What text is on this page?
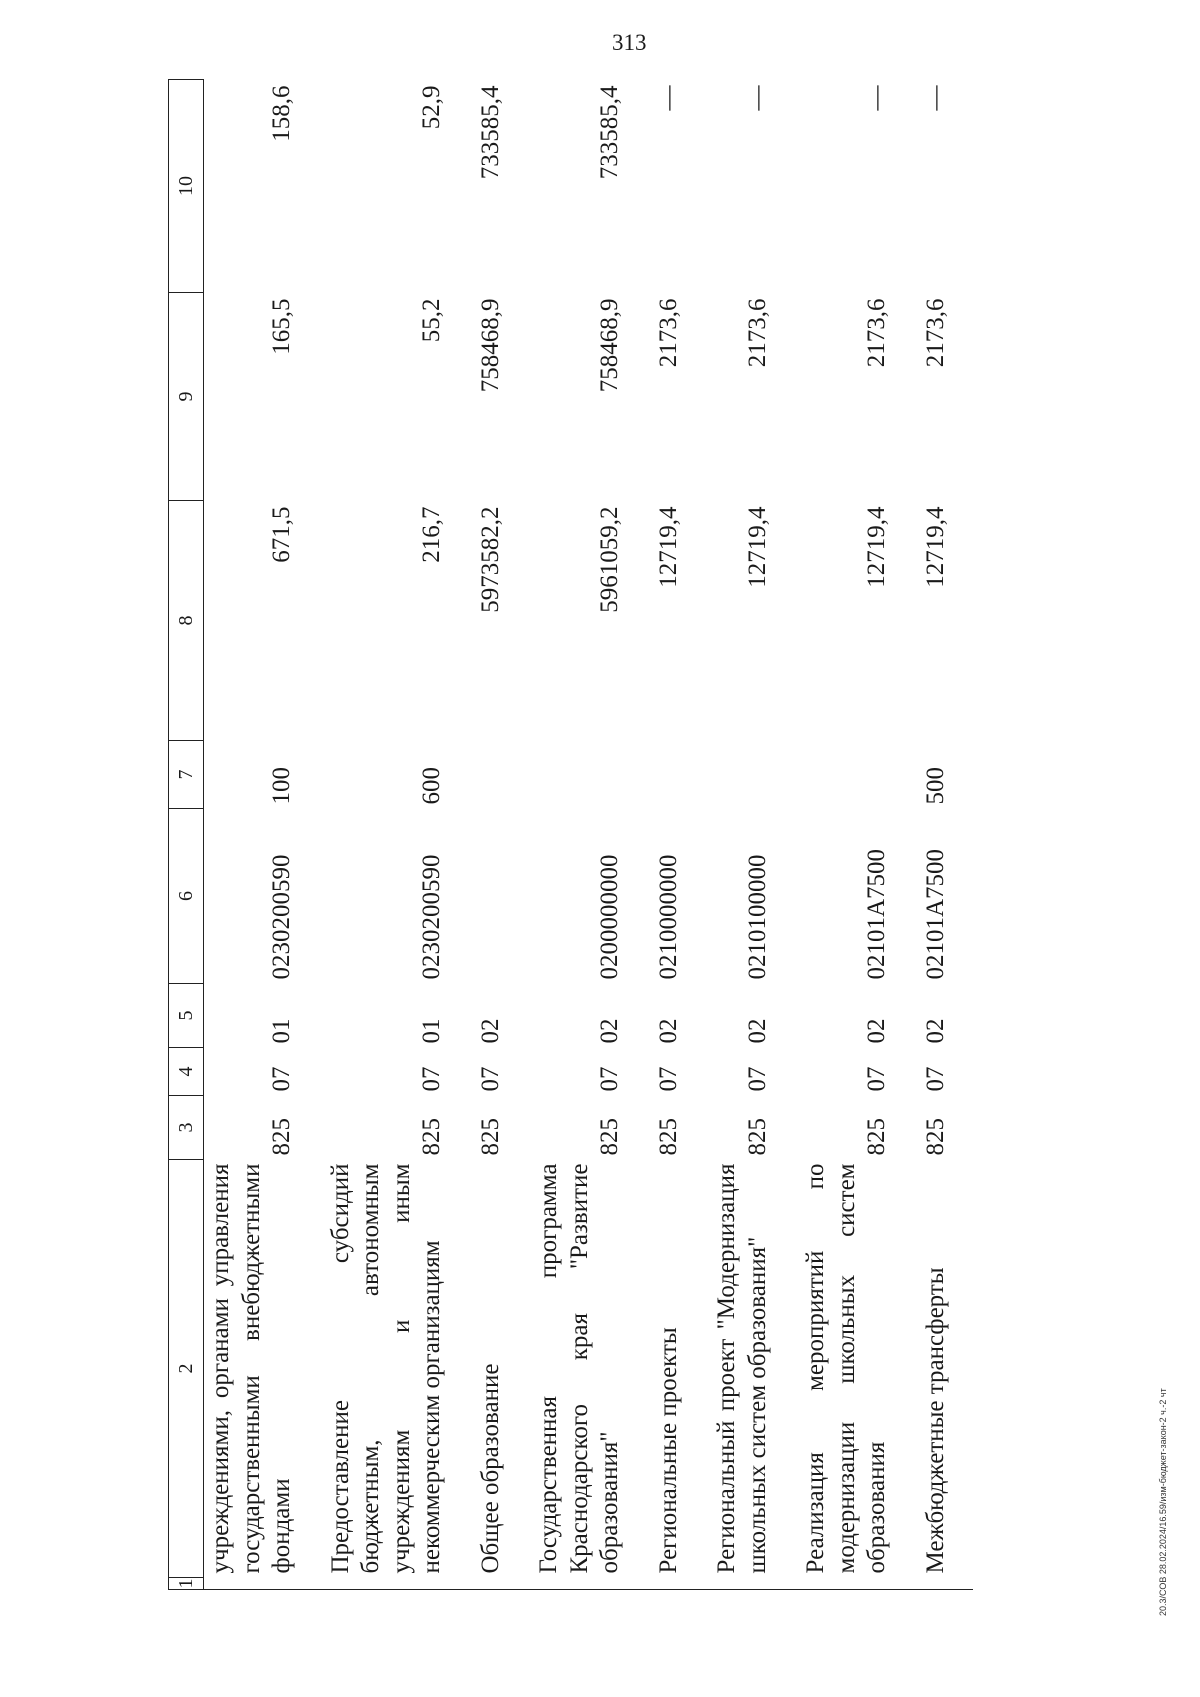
313
1	2	3	4	5	6	7	8	9	10
	учреждениями, органами управления государственными внебюджетными фондами	825	07	01	0230200590	100	671,5	165,5	158,6
	Предоставление субсидий бюджетным, автономным учреждениям и иным некоммерческим организациям	825	07	01	0230200590	600	216,7	55,2	52,9
	Общее образование	825	07	02			5973582,2	758468,9	733585,4
	Государственная программа Краснодарского края "Развитие образования"	825	07	02	0200000000		5961059,2	758468,9	733585,4
	Региональные проекты	825	07	02	0210000000		12719,4	2173,6	—
	Региональный проект "Модернизация школьных систем образования"	825	07	02	0210100000		12719,4	2173,6	—
	Реализация мероприятий по модернизации школьных систем образования	825	07	02	02101A7500		12719,4	2173,6	—
	Межбюджетные трансферты	825	07	02	02101A7500	500	12719,4	2173,6	—
20.3/СОВ 28.02.2024/16.59/изм-бюджет-закон-2 ч.-2 чт
